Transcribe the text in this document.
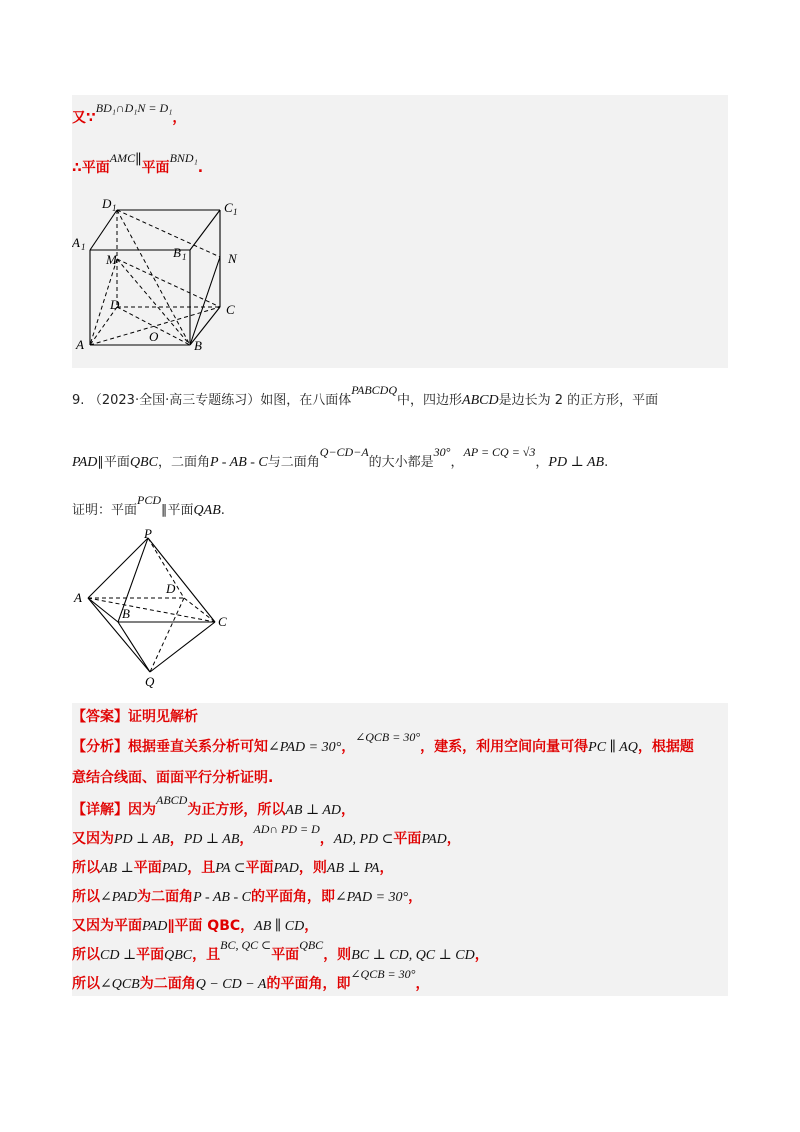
又∵BD₁∩D₁N = D₁，
∴平面AMC∥平面BND₁.
D 1	C 1
A 1	B 1
M	N
D	C
O
A	B
9. （2023·全国·高三专题练习）如图，在八面体PABCDQ中，四边形ABCD是边长为 2 的正方形，平面
PAD∥平面QBC，二面角P - AB - C与二面角Q−CD−A的大小都是30°，AP = CQ = √3，PD ⊥ AB.
证明：平面PCD∥平面QAB.
P
D
A
B
C
Q
【答案】证明见解析
【分析】根据垂直关系分析可知∠PAD = 30°，∠QCB = 30°，建系，利用空间向量可得PC ∥ AQ，根据题
意结合线面、面面平行分析证明.
【详解】因为ABCD为正方形，所以AB ⊥ AD，
又因为PD ⊥ AB，PD ⊥ AB，AD∩ PD = D，AD, PD ⊂平面PAD，
所以AB ⊥平面PAD，且PA ⊂平面PAD，则AB ⊥ PA，
所以∠PAD为二面角P - AB - C的平面角，即∠PAD = 30°，
又因为平面PAD∥平面 QBC，AB ∥ CD，
所以CD ⊥平面QBC，且BC, QC ⊂平面QBC，则BC ⊥ CD, QC ⊥ CD，
所以∠QCB为二面角Q − CD − A的平面角，即∠QCB = 30°，
